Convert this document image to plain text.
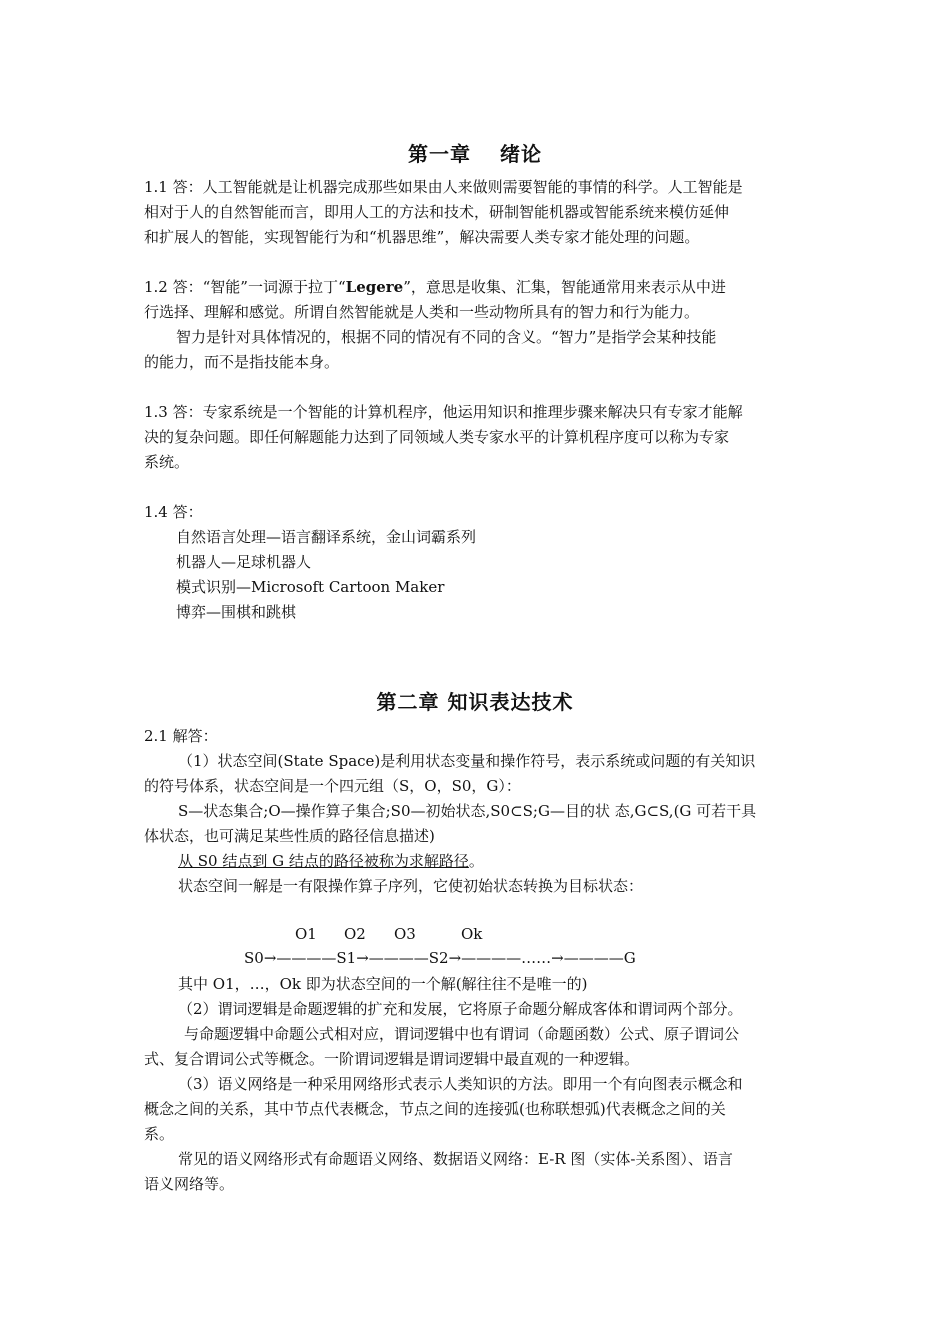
第一章　 绪论
1.1 答：人工智能就是让机器完成那些如果由人来做则需要智能的事情的科学。人工智能是
相对于人的自然智能而言，即用人工的方法和技术，研制智能机器或智能系统来模仿延伸
和扩展人的智能，实现智能行为和“机器思维”，解决需要人类专家才能处理的问题。
1.2 答：“智能”一词源于拉丁“Legere”，意思是收集、汇集，智能通常用来表示从中进
行选择、理解和感觉。所谓自然智能就是人类和一些动物所具有的智力和行为能力。
智力是针对具体情况的，根据不同的情况有不同的含义。“智力”是指学会某种技能
的能力，而不是指技能本身。
1.3 答：专家系统是一个智能的计算机程序，他运用知识和推理步骤来解决只有专家才能解
决的复杂问题。即任何解题能力达到了同领域人类专家水平的计算机程序度可以称为专家
系统。
1.4 答：
自然语言处理—语言翻译系统，金山词霸系列
机器人—足球机器人
模式识别—Microsoft Cartoon Maker
博弈—围棋和跳棋
第二章 知识表达技术
2.1 解答：
（1）状态空间(State Space)是利用状态变量和操作符号，表示系统或问题的有关知识
的符号体系，状态空间是一个四元组（S，O，S0，G）：
S—状态集合;O—操作算子集合;S0—初始状态,S0⊂S;G—目的状 态,G⊂S,(G 可若干具
体状态，也可满足某些性质的路径信息描述)
从 S0 结点到 G 结点的路径被称为求解路径。
状态空间一解是一有限操作算子序列，它使初始状态转换为目标状态：
O1 O2 O3	Ok
S0→————S1→————S2→————……→————G
其中 O1，…，Ok 即为状态空间的一个解(解往往不是唯一的)
（2）谓词逻辑是命题逻辑的扩充和发展，它将原子命题分解成客体和谓词两个部分。
与命题逻辑中命题公式相对应，谓词逻辑中也有谓词（命题函数）公式、原子谓词公
式、复合谓词公式等概念。一阶谓词逻辑是谓词逻辑中最直观的一种逻辑。
（3）语义网络是一种采用网络形式表示人类知识的方法。即用一个有向图表示概念和
概念之间的关系，其中节点代表概念，节点之间的连接弧(也称联想弧)代表概念之间的关
系。
常见的语义网络形式有命题语义网络、数据语义网络：E-R 图（实体-关系图）、语言
语义网络等。
